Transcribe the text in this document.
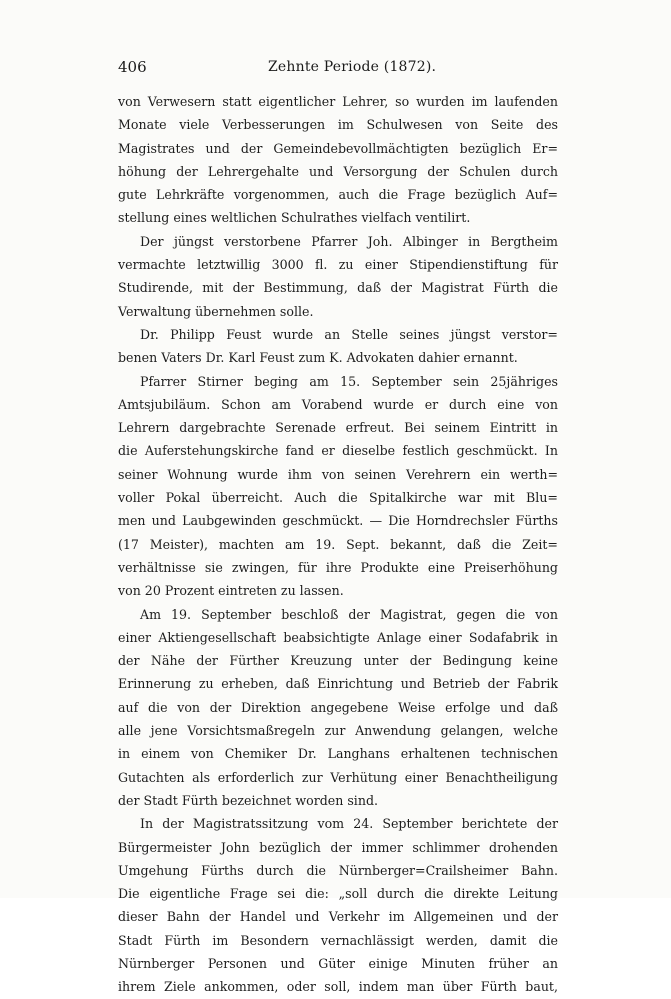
406	Zehnte Periode (1872).
von Verwesern statt eigentlicher Lehrer, so wurden im laufenden
Monate viele Verbesserungen im Schulwesen von Seite des
Magistrates und der Gemeindebevollmächtigten bezüglich Er=
höhung der Lehrergehalte und Versorgung der Schulen durch
gute Lehrkräfte vorgenommen, auch die Frage bezüglich Auf=
stellung eines weltlichen Schulrathes vielfach ventilirt.
Der jüngst verstorbene Pfarrer Joh. Albinger in Bergtheim
vermachte letztwillig 3000 fl. zu einer Stipendienstiftung für
Studirende, mit der Bestimmung, daß der Magistrat Fürth die
Verwaltung übernehmen solle.
Dr. Philipp Feust wurde an Stelle seines jüngst verstor=
benen Vaters Dr. Karl Feust zum K. Advokaten dahier ernannt.
Pfarrer Stirner beging am 15. September sein 25jähriges
Amtsjubiläum. Schon am Vorabend wurde er durch eine von
Lehrern dargebrachte Serenade erfreut. Bei seinem Eintritt in
die Auferstehungskirche fand er dieselbe festlich geschmückt. In
seiner Wohnung wurde ihm von seinen Verehrern ein werth=
voller Pokal überreicht. Auch die Spitalkirche war mit Blu=
men und Laubgewinden geschmückt. — Die Horndrechsler Fürths
(17 Meister), machten am 19. Sept. bekannt, daß die Zeit=
verhältnisse sie zwingen, für ihre Produkte eine Preiserhöhung
von 20 Prozent eintreten zu lassen.
Am 19. September beschloß der Magistrat, gegen die von
einer Aktiengesellschaft beabsichtigte Anlage einer Sodafabrik in
der Nähe der Fürther Kreuzung unter der Bedingung keine
Erinnerung zu erheben, daß Einrichtung und Betrieb der Fabrik
auf die von der Direktion angegebene Weise erfolge und daß
alle jene Vorsichtsmaßregeln zur Anwendung gelangen, welche
in einem von Chemiker Dr. Langhans erhaltenen technischen
Gutachten als erforderlich zur Verhütung einer Benachtheiligung
der Stadt Fürth bezeichnet worden sind.
In der Magistratssitzung vom 24. September berichtete der
Bürgermeister John bezüglich der immer schlimmer drohenden
Umgehung Fürths durch die Nürnberger=Crailsheimer Bahn.
Die eigentliche Frage sei die: „soll durch die direkte Leitung
dieser Bahn der Handel und Verkehr im Allgemeinen und der
Stadt Fürth im Besondern vernachlässigt werden, damit die
Nürnberger Personen und Güter einige Minuten früher an
ihrem Ziele ankommen, oder soll, indem man über Fürth baut,
